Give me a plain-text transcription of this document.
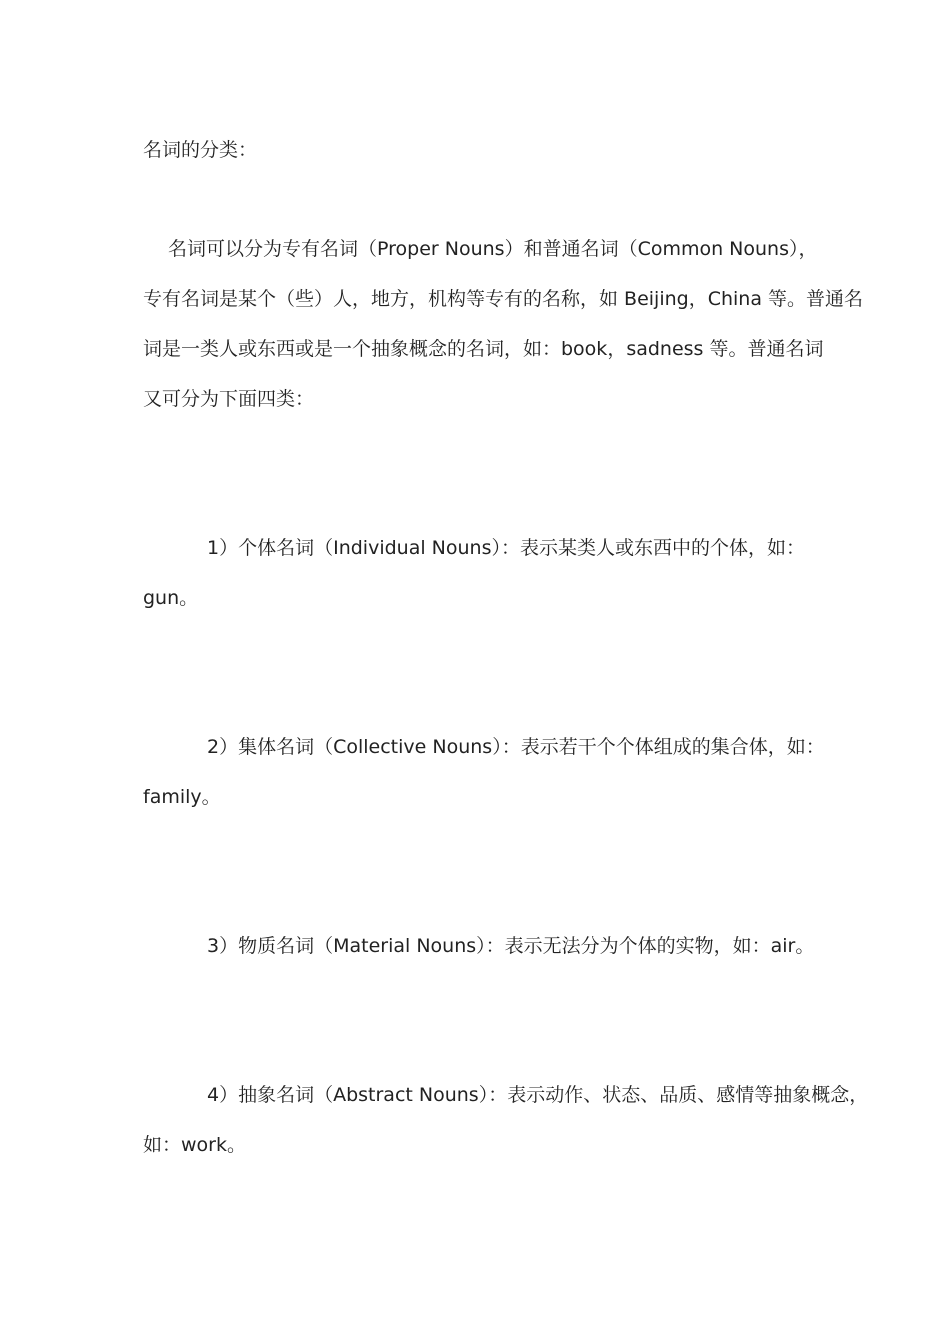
名词的分类：

名词可以分为专有名词（Proper Nouns）和普通名词（Common Nouns），

专有名词是某个（些）人，地方，机构等专有的名称，如 Beijing，China 等。普通名

词是一类人或东西或是一个抽象概念的名词，如：book，sadness 等。普通名词

又可分为下面四类：

1）个体名词（Individual Nouns）：表示某类人或东西中的个体，如：

gun。

2）集体名词（Collective Nouns）：表示若干个个体组成的集合体，如：

family。

3）物质名词（Material Nouns）：表示无法分为个体的实物，如：air。

4）抽象名词（Abstract Nouns）：表示动作、状态、品质、感情等抽象概念，

如：work。
